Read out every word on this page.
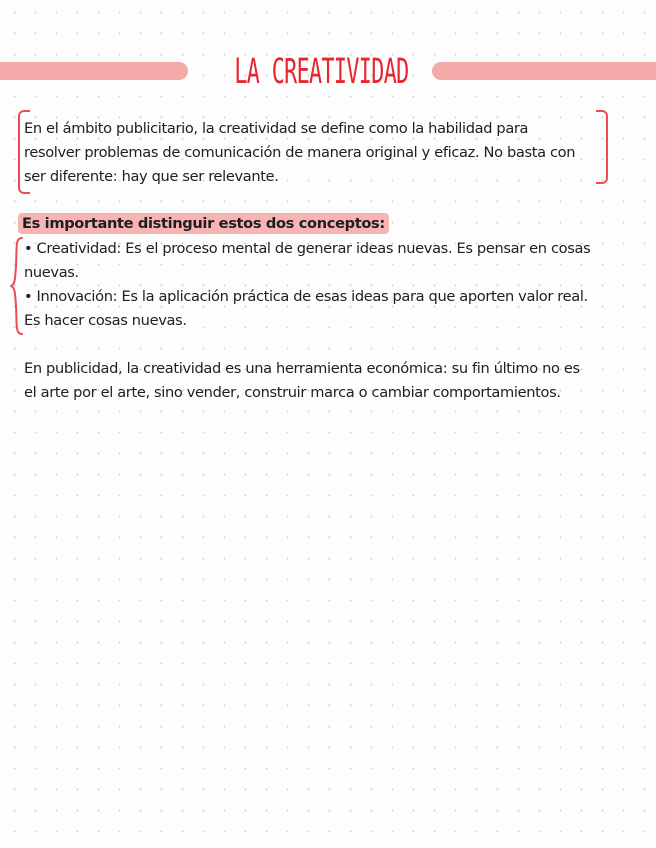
LA CREATIVIDAD
En el ámbito publicitario, la creatividad se define como la habilidad para
resolver problemas de comunicación de manera original y eficaz. No basta con
ser diferente: hay que ser relevante.
Es importante distinguir estos dos conceptos:
• Creatividad: Es el proceso mental de generar ideas nuevas. Es pensar en cosas
nuevas.
• Innovación: Es la aplicación práctica de esas ideas para que aporten valor real.
Es hacer cosas nuevas.
En publicidad, la creatividad es una herramienta económica: su fin último no es
el arte por el arte, sino vender, construir marca o cambiar comportamientos.
